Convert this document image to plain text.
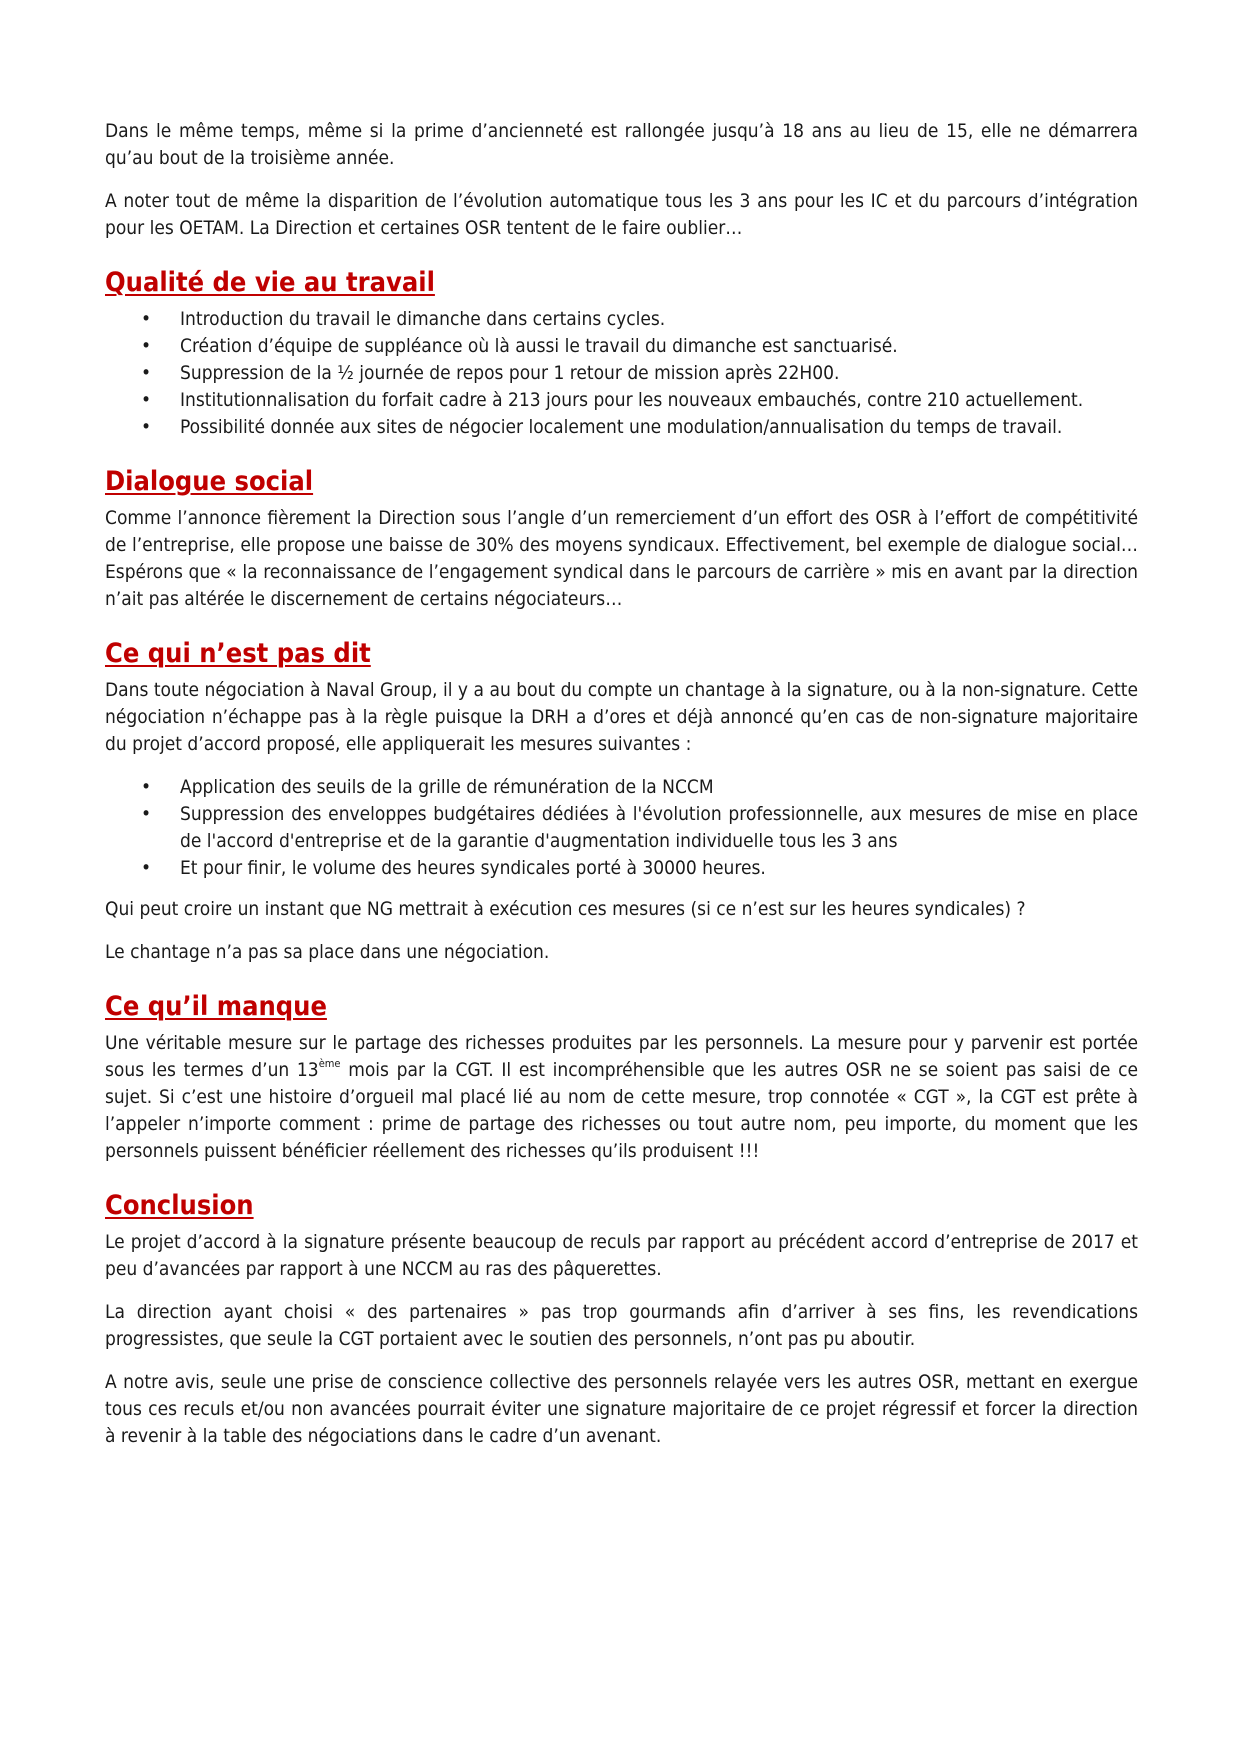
Dans le même temps, même si la prime d’ancienneté est rallongée jusqu’à 18 ans au lieu de 15, elle ne démarrera qu’au bout de la troisième année.

A noter tout de même la disparition de l’évolution automatique tous les 3 ans pour les IC et du parcours d’intégration pour les OETAM. La Direction et certaines OSR tentent de le faire oublier…

Qualité de vie au travail
• Introduction du travail le dimanche dans certains cycles.
• Création d’équipe de suppléance où là aussi le travail du dimanche est sanctuarisé.
• Suppression de la ½ journée de repos pour 1 retour de mission après 22H00.
• Institutionnalisation du forfait cadre à 213 jours pour les nouveaux embauchés, contre 210 actuellement.
• Possibilité donnée aux sites de négocier localement une modulation/annualisation du temps de travail.
Dialogue social

Comme l’annonce fièrement la Direction sous l’angle d’un remerciement d’un effort des OSR à l’effort de compétitivité de l’entreprise, elle propose une baisse de 30% des moyens syndicaux. Effectivement, bel exemple de dialogue social… Espérons que « la reconnaissance de l’engagement syndical dans le parcours de carrière » mis en avant par la direction n’ait pas altérée le discernement de certains négociateurs…

Ce qui n’est pas dit

Dans toute négociation à Naval Group, il y a au bout du compte un chantage à la signature, ou à la non-signature. Cette négociation n’échappe pas à la règle puisque la DRH a d’ores et déjà annoncé qu’en cas de non-signature majoritaire du projet d’accord proposé, elle appliquerait les mesures suivantes :

• Application des seuils de la grille de rémunération de la NCCM
• Suppression des enveloppes budgétaires dédiées à l'évolution professionnelle, aux mesures de mise en place de l'accord d'entreprise et de la garantie d'augmentation individuelle tous les 3 ans
• Et pour finir, le volume des heures syndicales porté à 30000 heures.

Qui peut croire un instant que NG mettrait à exécution ces mesures (si ce n’est sur les heures syndicales) ?

Le chantage n’a pas sa place dans une négociation.

Ce qu’il manque

Une véritable mesure sur le partage des richesses produites par les personnels. La mesure pour y parvenir est portée sous les termes d’un 13ème mois par la CGT. Il est incompréhensible que les autres OSR ne se soient pas saisi de ce sujet. Si c’est une histoire d’orgueil mal placé lié au nom de cette mesure, trop connotée « CGT », la CGT est prête à l’appeler n’importe comment : prime de partage des richesses ou tout autre nom, peu importe, du moment que les personnels puissent bénéficier réellement des richesses qu’ils produisent !!!

Conclusion

Le projet d’accord à la signature présente beaucoup de reculs par rapport au précédent accord d’entreprise de 2017 et peu d’avancées par rapport à une NCCM au ras des pâquerettes.

La direction ayant choisi « des partenaires » pas trop gourmands afin d’arriver à ses fins, les revendications progressistes, que seule la CGT portaient avec le soutien des personnels, n’ont pas pu aboutir.

A notre avis, seule une prise de conscience collective des personnels relayée vers les autres OSR, mettant en exergue tous ces reculs et/ou non avancées pourrait éviter une signature majoritaire de ce projet régressif et forcer la direction à revenir à la table des négociations dans le cadre d’un avenant.
